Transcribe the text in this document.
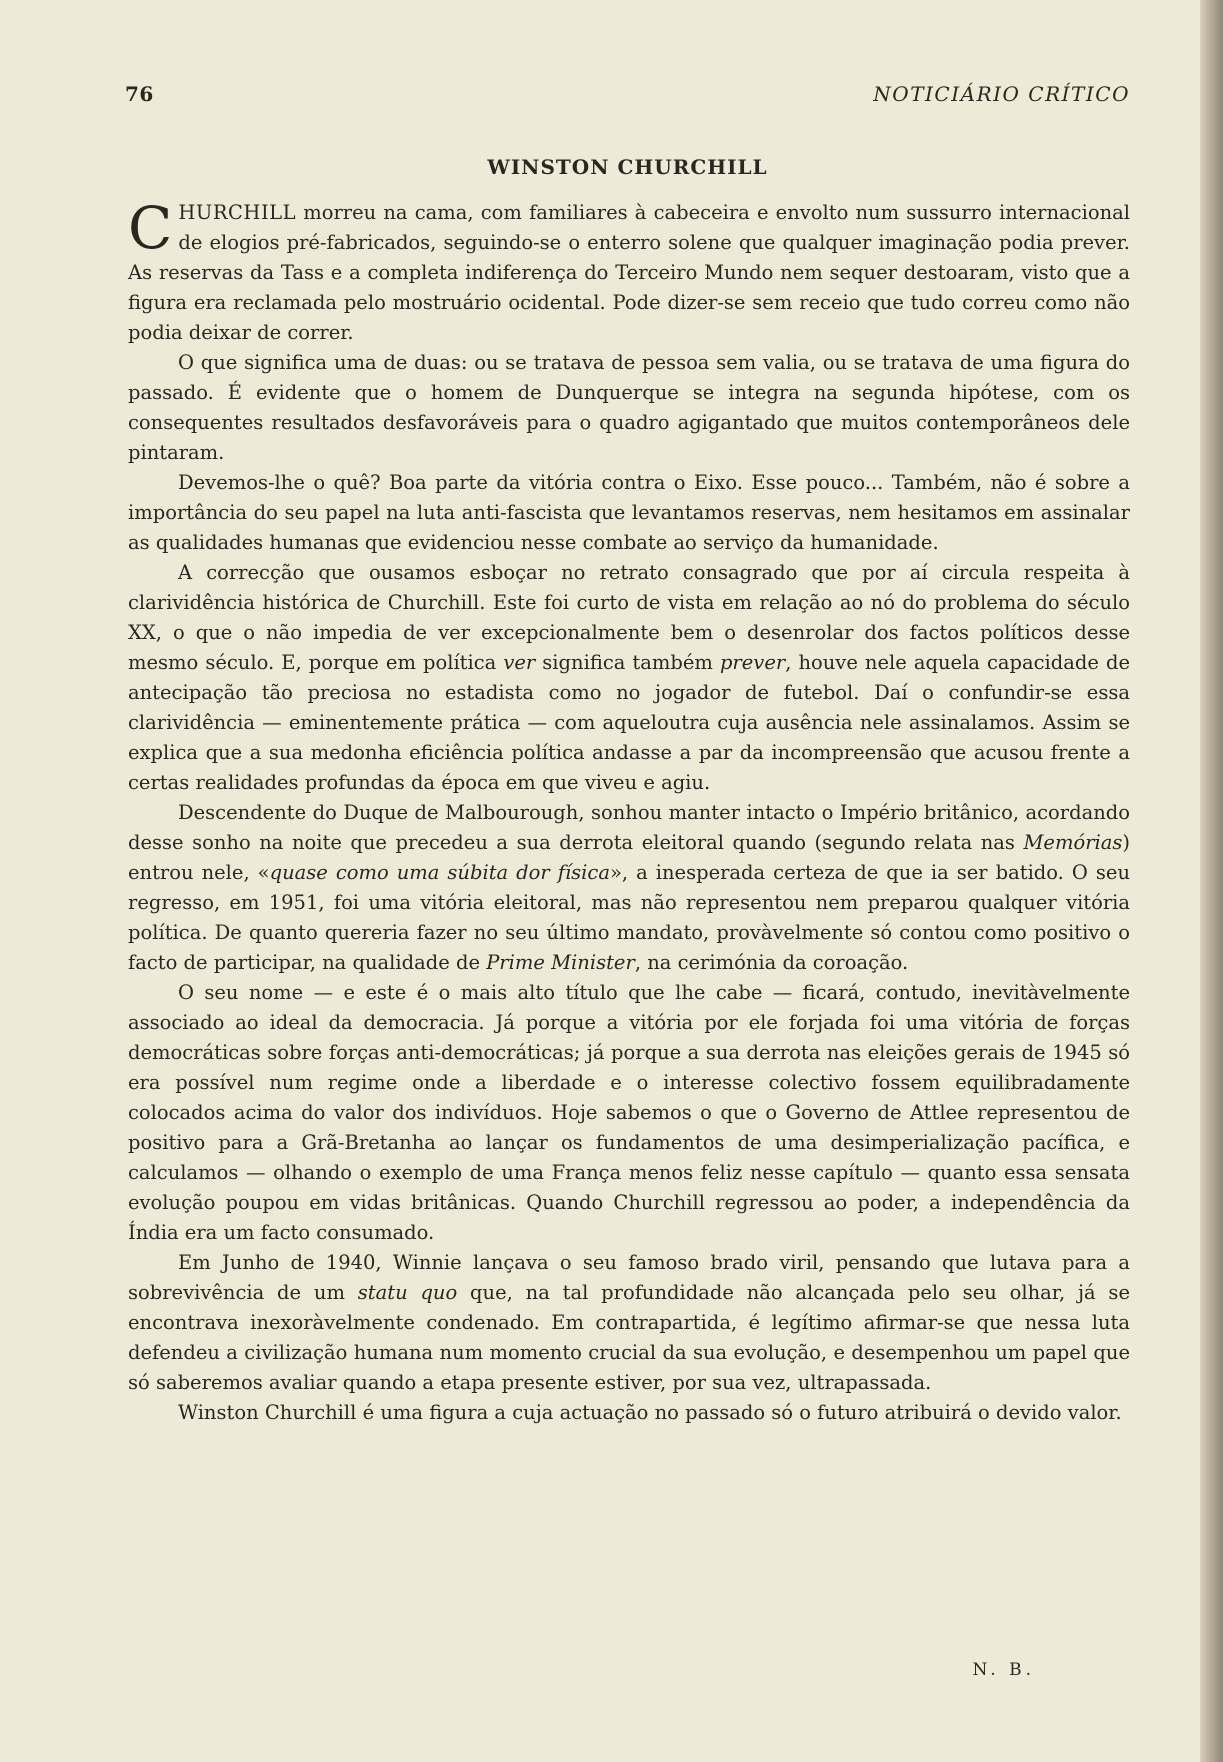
76	NOTICIÁRIO CRÍTICO
WINSTON CHURCHILL

CHURCHILL morreu na cama, com familiares à cabeceira e envolto num sussurro internacional de elogios pré-fabricados, seguindo-se o enterro solene que qualquer imaginação podia prever. As reservas da Tass e a completa indiferença do Terceiro Mundo nem sequer destoaram, visto que a figura era reclamada pelo mostruário ocidental. Pode dizer-se sem receio que tudo correu como não podia deixar de correr.

O que significa uma de duas: ou se tratava de pessoa sem valia, ou se tratava de uma figura do passado. É evidente que o homem de Dunquerque se integra na segunda hipótese, com os consequentes resultados desfavoráveis para o quadro agigantado que muitos contemporâneos dele pintaram.

Devemos-lhe o quê? Boa parte da vitória contra o Eixo. Esse pouco... Também, não é sobre a importância do seu papel na luta anti-fascista que levantamos reservas, nem hesitamos em assinalar as qualidades humanas que evidenciou nesse combate ao serviço da humanidade.

A correcção que ousamos esboçar no retrato consagrado que por aí circula respeita à clarividência histórica de Churchill. Este foi curto de vista em relação ao nó do problema do século XX, o que o não impedia de ver excepcionalmente bem o desenrolar dos factos políticos desse mesmo século. E, porque em política ver significa também prever, houve nele aquela capacidade de antecipação tão preciosa no estadista como no jogador de futebol. Daí o confundir-se essa clarividência — eminentemente prática — com aqueloutra cuja ausência nele assinalamos. Assim se explica que a sua medonha eficiência política andasse a par da incompreensão que acusou frente a certas realidades profundas da época em que viveu e agiu.

Descendente do Duque de Malbourough, sonhou manter intacto o Império britânico, acordando desse sonho na noite que precedeu a sua derrota eleitoral quando (segundo relata nas Memórias) entrou nele, «quase como uma súbita dor física», a inesperada certeza de que ia ser batido. O seu regresso, em 1951, foi uma vitória eleitoral, mas não representou nem preparou qualquer vitória política. De quanto quereria fazer no seu último mandato, provàvelmente só contou como positivo o facto de participar, na qualidade de Prime Minister, na cerimónia da coroação.

O seu nome — e este é o mais alto título que lhe cabe — ficará, contudo, inevitàvelmente associado ao ideal da democracia. Já porque a vitória por ele forjada foi uma vitória de forças democráticas sobre forças anti-democráticas; já porque a sua derrota nas eleições gerais de 1945 só era possível num regime onde a liberdade e o interesse colectivo fossem equilibradamente colocados acima do valor dos indivíduos. Hoje sabemos o que o Governo de Attlee representou de positivo para a Grã-Bretanha ao lançar os fundamentos de uma desimperialização pacífica, e calculamos — olhando o exemplo de uma França menos feliz nesse capítulo — quanto essa sensata evolução poupou em vidas britânicas. Quando Churchill regressou ao poder, a independência da Índia era um facto consumado.

Em Junho de 1940, Winnie lançava o seu famoso brado viril, pensando que lutava para a sobrevivência de um statu quo que, na tal profundidade não alcançada pelo seu olhar, já se encontrava inexoràvelmente condenado. Em contrapartida, é legítimo afirmar-se que nessa luta defendeu a civilização humana num momento crucial da sua evolução, e desempenhou um papel que só saberemos avaliar quando a etapa presente estiver, por sua vez, ultrapassada.

Winston Churchill é uma figura a cuja actuação no passado só o futuro atribuirá o devido valor.

N. B.
